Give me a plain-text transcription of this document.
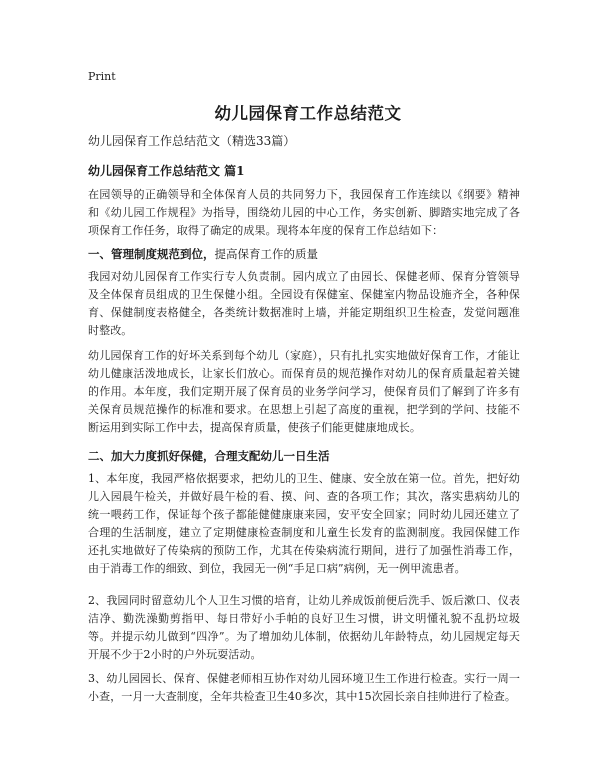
Print
幼儿园保育工作总结范文
幼儿园保育工作总结范文（精选33篇）
幼儿园保育工作总结范文 篇1
在园领导的正确领导和全体保育人员的共同努力下，我园保育工作连续以《纲要》精神和《幼儿园工作规程》为指导，围绕幼儿园的中心工作，务实创新、脚踏实地完成了各项保育工作任务，取得了确定的成果。现将本年度的保育工作总结如下：
一、管理制度规范到位，提高保育工作的质量
我园对幼儿园保育工作实行专人负责制。园内成立了由园长、保健老师、保育分管领导及全体保育员组成的卫生保健小组。全园设有保健室、保健室内物品设施齐全，各种保育、保健制度表格健全，各类统计数据准时上墙，并能定期组织卫生检查，发觉问题准时整改。
幼儿园保育工作的好坏关系到每个幼儿（家庭），只有扎扎实实地做好保育工作，才能让幼儿健康活泼地成长，让家长们放心。而保育员的规范操作对幼儿的保育质量起着关键的作用。本年度，我们定期开展了保育员的业务学问学习，使保育员们了解到了许多有关保育员规范操作的标准和要求。在思想上引起了高度的重视，把学到的学问、技能不断运用到实际工作中去，提高保育质量，使孩子们能更健康地成长。
二、加大力度抓好保健，合理支配幼儿一日生活
1、本年度，我园严格依据要求，把幼儿的卫生、健康、安全放在第一位。首先，把好幼儿入园晨午检关，并做好晨午检的看、摸、问、查的各项工作；其次，落实患病幼儿的统一喂药工作，保证每个孩子都能健健康康来园，安平安全回家；同时幼儿园还建立了合理的生活制度，建立了定期健康检查制度和儿童生长发育的监测制度。我园保健工作还扎实地做好了传染病的预防工作，尤其在传染病流行期间，进行了加强性消毒工作，由于消毒工作的细致、到位，我园无一例“手足口病”病例，无一例甲流患者。
2、我园同时留意幼儿个人卫生习惯的培育，让幼儿养成饭前便后洗手、饭后漱口、仪表洁净、勤洗澡勤剪指甲、每日带好小手帕的良好卫生习惯，讲文明懂礼貌不乱扔垃圾等。并提示幼儿做到“四净”。为了增加幼儿体制，依据幼儿年龄特点，幼儿园规定每天开展不少于2小时的户外玩耍活动。
3、幼儿园园长、保育、保健老师相互协作对幼儿园环境卫生工作进行检查。实行一周一小查，一月一大查制度，全年共检查卫生40多次，其中15次园长亲自挂帅进行了检查。
